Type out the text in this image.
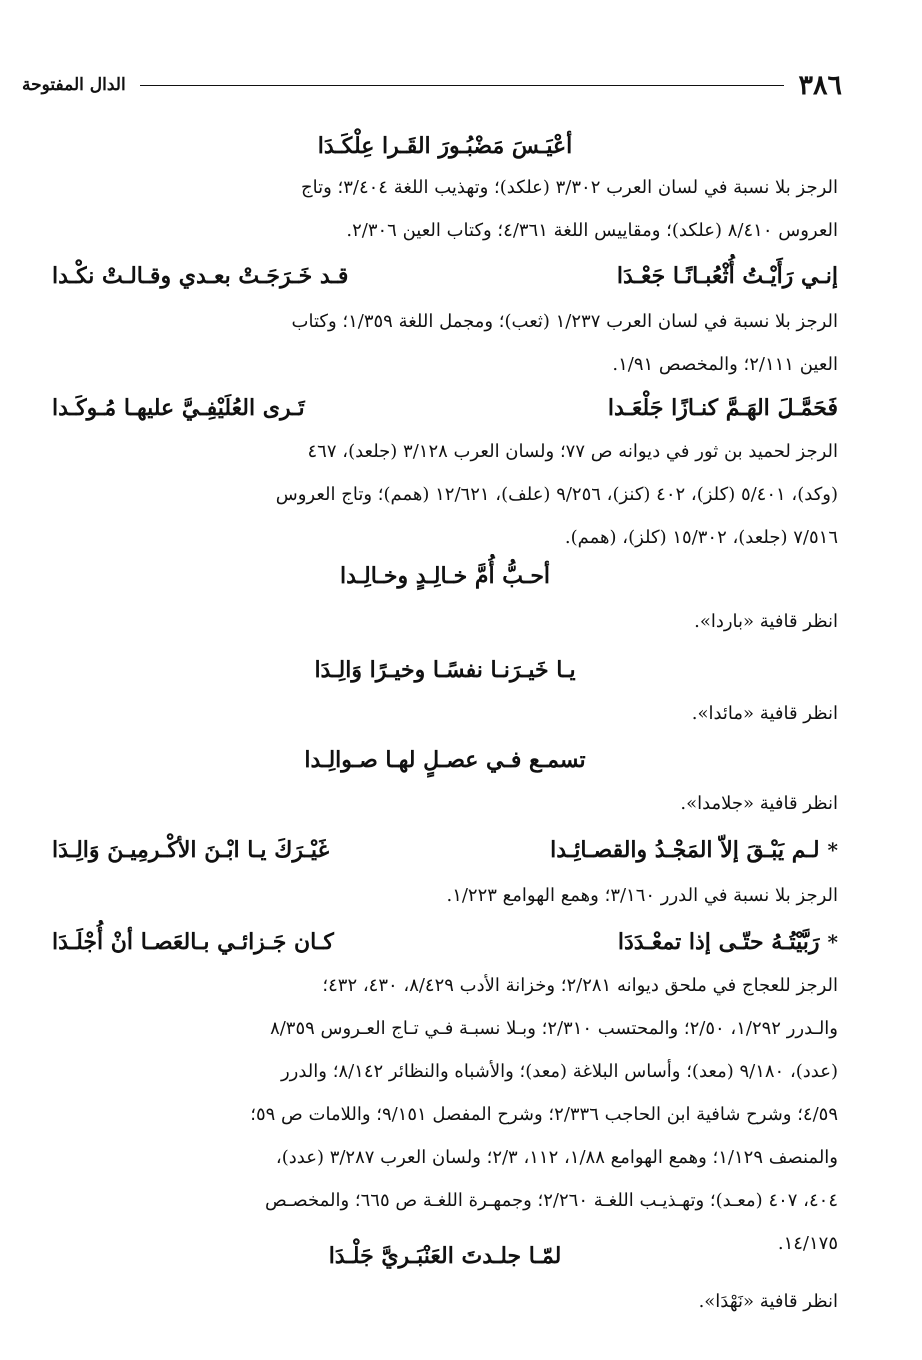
٣٨٦
الدال المفتوحة
أعْيَـسَ مَضْبُـورَ القَـرا عِلْكَـدَا
الرجز بلا نسبة في لسان العرب ٣/٣٠٢ (علكد)؛ وتهذيب اللغة ٣/٤٠٤؛ وتاج
العروس ٨/٤١٠ (علكد)؛ ومقاييس اللغة ٤/٣٦١؛ وكتاب العين ٢/٣٠٦.
إنـي رَأَيْـتُ أُثْعُبـانًـا جَعْـدَا
قـد خَـرَجَـتْ بعـدي وقـالـتْ نكْـدا
الرجز بلا نسبة في لسان العرب ١/٢٣٧ (ثعب)؛ ومجمل اللغة ١/٣٥٩؛ وكتاب
العين ٢/١١١؛ والمخصص ١/٩١.
فَحَمَّـلَ الهَـمَّ كنـازًا جَلْعَـدا
تَـرى العُلَيْفِـيَّ عليهـا مُـوكَـدا
الرجز لحميد بن ثور في ديوانه ص ٧٧؛ ولسان العرب ٣/١٢٨ (جلعد)، ٤٦٧
(وكد)، ٥/٤٠١ (كلز)، ٤٠٢ (كنز)، ٩/٢٥٦ (علف)، ١٢/٦٢١ (همم)؛ وتاج العروس
٧/٥١٦ (جلعد)، ١٥/٣٠٢ (كلز)، (همم).
أحـبُّ أُمَّ خـالِـدٍ وخـالِـدا
انظر قافية «باردا».
يـا خَيـرَنـا نفسًـا وخيـرًا وَالِـدَا
انظر قافية «مائدا».
تسمـع فـي عصـلٍ لهـا صـوالِـدا
انظر قافية «جلامدا».
*لـم يَبْـقَ إلاّ المَجْـدُ والقصـائِـدا
غَيْـرَكَ يـا ابْـنَ الأكْـرمِيـنَ وَالِـدَا
الرجز بلا نسبة في الدرر ٣/١٦٠؛ وهمع الهوامع ١/٢٢٣.
*رَبَّيْتُـهُ حتّـى إذا تمعْـدَدَا
كـان جَـزائـي بـالعَصـا أنْ أُجْلَـدَا
الرجز للعجاج في ملحق ديوانه ٢/٢٨١؛ وخزانة الأدب ٨/٤٢٩، ٤٣٠، ٤٣٢؛
والـدرر ١/٢٩٢، ٢/٥٠؛ والمحتسب ٢/٣١٠؛ وبـلا نسبـة فـي تـاج العـروس ٨/٣٥٩
(عدد)، ٩/١٨٠ (معد)؛ وأساس البلاغة (معد)؛ والأشباه والنظائر ٨/١٤٢؛ والدرر
٤/٥٩؛ وشرح شافية ابن الحاجب ٢/٣٣٦؛ وشرح المفصل ٩/١٥١؛ واللامات ص ٥٩؛
والمنصف ١/١٢٩؛ وهمع الهوامع ١/٨٨، ١١٢، ٢/٣؛ ولسان العرب ٣/٢٨٧ (عدد)،
٤٠٤، ٤٠٧ (معـد)؛ وتهـذيـب اللغـة ٢/٢٦٠؛ وجمهـرة اللغـة ص ٦٦٥؛ والمخصـص
١٤/١٧٥.
لمّـا جلـدتَ العَنْبَـريَّ جَلْـدَا
انظر قافية «نَهْدَا».
